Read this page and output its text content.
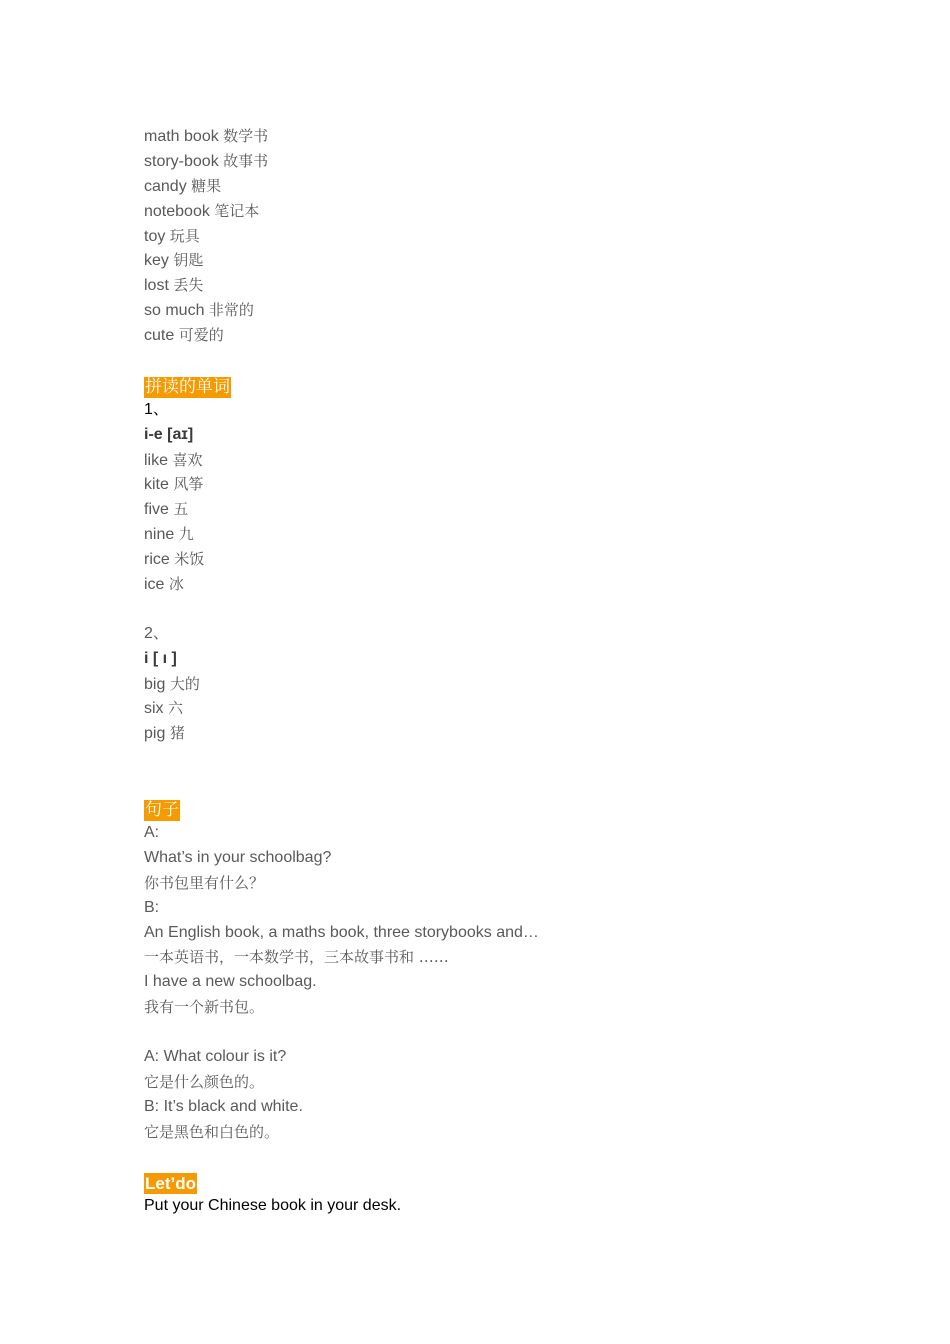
math book 数学书
story-book 故事书
candy 糖果
notebook 笔记本
toy 玩具
key 钥匙
lost 丢失
so much 非常的
cute 可爱的
拼读的单词
1、
i-e [aɪ]
like 喜欢
kite 风筝
five 五
nine 九
rice 米饭
ice 冰
2、
i [ ı ]
big 大的
six 六
pig 猪
句子
A:
What’s in your schoolbag?
你书包里有什么？
B:
An English book, a maths book, three storybooks and…
一本英语书，一本数学书，三本故事书和 ……
I have a new schoolbag.
我有一个新书包。
A: What colour is it?
它是什么颜色的。
B: It’s black and white.
它是黑色和白色的。
Let’do
Put your Chinese book in your desk.
